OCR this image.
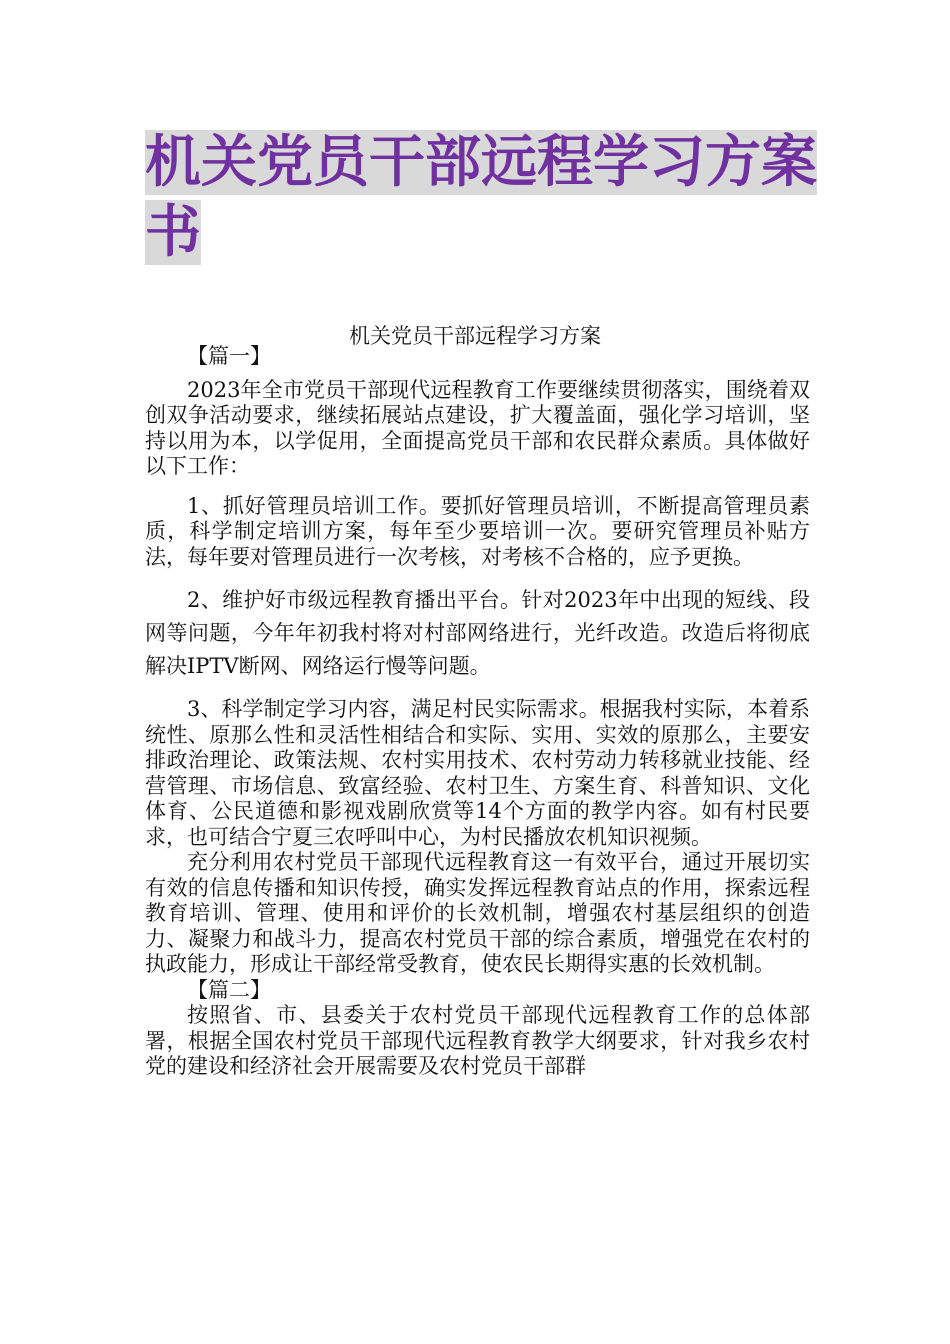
机关党员干部远程学习方案书

机关党员干部远程学习方案

【篇一】

2023年全市党员干部现代远程教育工作要继续贯彻落实，围绕着双创双争活动要求，继续拓展站点建设，扩大覆盖面，强化学习培训，坚持以用为本，以学促用，全面提高党员干部和农民群众素质。具体做好以下工作：

1、抓好管理员培训工作。要抓好管理员培训，不断提高管理员素质，科学制定培训方案，每年至少要培训一次。要研究管理员补贴方法，每年要对管理员进行一次考核，对考核不合格的，应予更换。

2、维护好市级远程教育播出平台。针对2023年中出现的短线、段网等问题，今年年初我村将对村部网络进行，光纤改造。改造后将彻底解决IPTV断网、网络运行慢等问题。

3、科学制定学习内容，满足村民实际需求。根据我村实际，本着系统性、原那么性和灵活性相结合和实际、实用、实效的原那么，主要安排政治理论、政策法规、农村实用技术、农村劳动力转移就业技能、经营管理、市场信息、致富经验、农村卫生、方案生育、科普知识、文化体育、公民道德和影视戏剧欣赏等14个方面的教学内容。如有村民要求，也可结合宁夏三农呼叫中心，为村民播放农机知识视频。

充分利用农村党员干部现代远程教育这一有效平台，通过开展切实有效的信息传播和知识传授，确实发挥远程教育站点的作用，探索远程教育培训、管理、使用和评价的长效机制，增强农村基层组织的创造力、凝聚力和战斗力，提高农村党员干部的综合素质，增强党在农村的执政能力，形成让干部经常受教育，使农民长期得实惠的长效机制。

【篇二】

按照省、市、县委关于农村党员干部现代远程教育工作的总体部署，根据全国农村党员干部现代远程教育教学大纲要求，针对我乡农村党的建设和经济社会开展需要及农村党员干部群
